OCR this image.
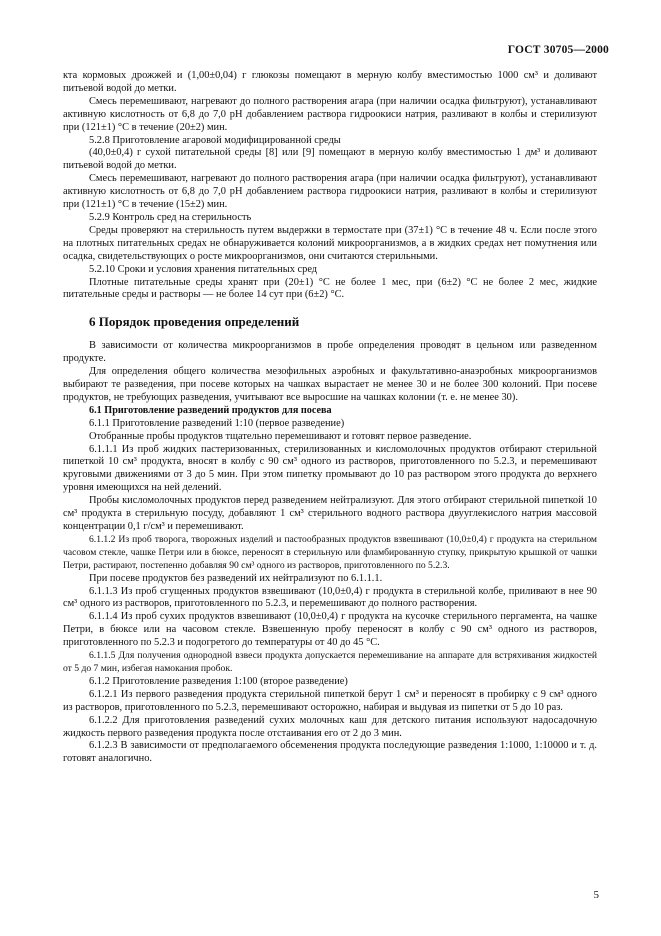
ГОСТ 30705—2000

кта кормовых дрожжей и (1,00±0,04) г глюкозы помещают в мерную колбу вместимостью 1000 см³ и доливают питьевой водой до метки.

Смесь перемешивают, нагревают до полного растворения агара (при наличии осадка фильтруют), устанавливают активную кислотность от 6,8 до 7,0 pH добавлением раствора гидроокиси натрия, разливают в колбы и стерилизуют при (121±1) °С в течение (20±2) мин.

5.2.8 Приготовление агаровой модифицированной среды

(40,0±0,4) г сухой питательной среды [8] или [9] помещают в мерную колбу вместимостью 1 дм³ и доливают питьевой водой до метки.

Смесь перемешивают, нагревают до полного растворения агара (при наличии осадка фильтруют), устанавливают активную кислотность от 6,8 до 7,0 pH добавлением раствора гидроокиси натрия, разливают в колбы и стерилизуют при (121±1) °С в течение (15±2) мин.

5.2.9 Контроль сред на стерильность

Среды проверяют на стерильность путем выдержки в термостате при (37±1) °С в течение 48 ч. Если после этого на плотных питательных средах не обнаруживается колоний микроорганизмов, а в жидких средах нет помутнения или осадка, свидетельствующих о росте микроорганизмов, они считаются стерильными.

5.2.10 Сроки и условия хранения питательных сред

Плотные питательные среды хранят при (20±1) °С не более 1 мес, при (6±2) °С не более 2 мес, жидкие питательные среды и растворы — не более 14 сут при (6±2) °С.

6 Порядок проведения определений

В зависимости от количества микроорганизмов в пробе определения проводят в цельном или разведенном продукте.

Для определения общего количества мезофильных аэробных и факультативно-анаэробных микроорганизмов выбирают те разведения, при посеве которых на чашках вырастает не менее 30 и не более 300 колоний. При посеве продуктов, не требующих разведения, учитывают все выросшие на чашках колонии (т. е. не менее 30).

6.1 Приготовление разведений продуктов для посева

6.1.1 Приготовление разведений 1:10 (первое разведение)

Отобранные пробы продуктов тщательно перемешивают и готовят первое разведение.

6.1.1.1 Из проб жидких пастеризованных, стерилизованных и кисломолочных продуктов отбирают стерильной пипеткой 10 см³ продукта, вносят в колбу с 90 см³ одного из растворов, приготовленного по 5.2.3, и перемешивают круговыми движениями от 3 до 5 мин. При этом пипетку промывают до 10 раз раствором этого продукта до верхнего уровня имеющихся на ней делений.

Пробы кисломолочных продуктов перед разведением нейтрализуют. Для этого отбирают стерильной пипеткой 10 см³ продукта в стерильную посуду, добавляют 1 см³ стерильного водного раствора двууглекислого натрия массовой концентрации 0,1 г/см³ и перемешивают.

6.1.1.2 Из проб творога, творожных изделий и пастообразных продуктов взвешивают (10,0±0,4) г продукта на стерильном часовом стекле, чашке Петри или в бюксе, переносят в стерильную или фламбированную ступку, прикрытую крышкой от чашки Петри, растирают, постепенно добавляя 90 см³ одного из растворов, приготовленного по 5.2.3.

При посеве продуктов без разведений их нейтрализуют по 6.1.1.1.

6.1.1.3 Из проб сгущенных продуктов взвешивают (10,0±0,4) г продукта в стерильной колбе, приливают в нее 90 см³ одного из растворов, приготовленного по 5.2.3, и перемешивают до полного растворения.

6.1.1.4 Из проб сухих продуктов взвешивают (10,0±0,4) г продукта на кусочке стерильного пергамента, на чашке Петри, в бюксе или на часовом стекле. Взвешенную пробу переносят в колбу с 90 см³ одного из растворов, приготовленного по 5.2.3 и подогретого до температуры от 40 до 45 °С.

6.1.1.5 Для получения однородной взвеси продукта допускается перемешивание на аппарате для встряхивания жидкостей от 5 до 7 мин, избегая намокания пробок.

6.1.2 Приготовление разведения 1:100 (второе разведение)

6.1.2.1 Из первого разведения продукта стерильной пипеткой берут 1 см³ и переносят в пробирку с 9 см³ одного из растворов, приготовленного по 5.2.3, перемешивают осторожно, набирая и выдувая из пипетки от 5 до 10 раз.

6.1.2.2 Для приготовления разведений сухих молочных каш для детского питания используют надосадочную жидкость первого разведения продукта после отстаивания его от 2 до 3 мин.

6.1.2.3 В зависимости от предполагаемого обсеменения продукта последующие разведения 1:1000, 1:10000 и т. д. готовят аналогично.

5
